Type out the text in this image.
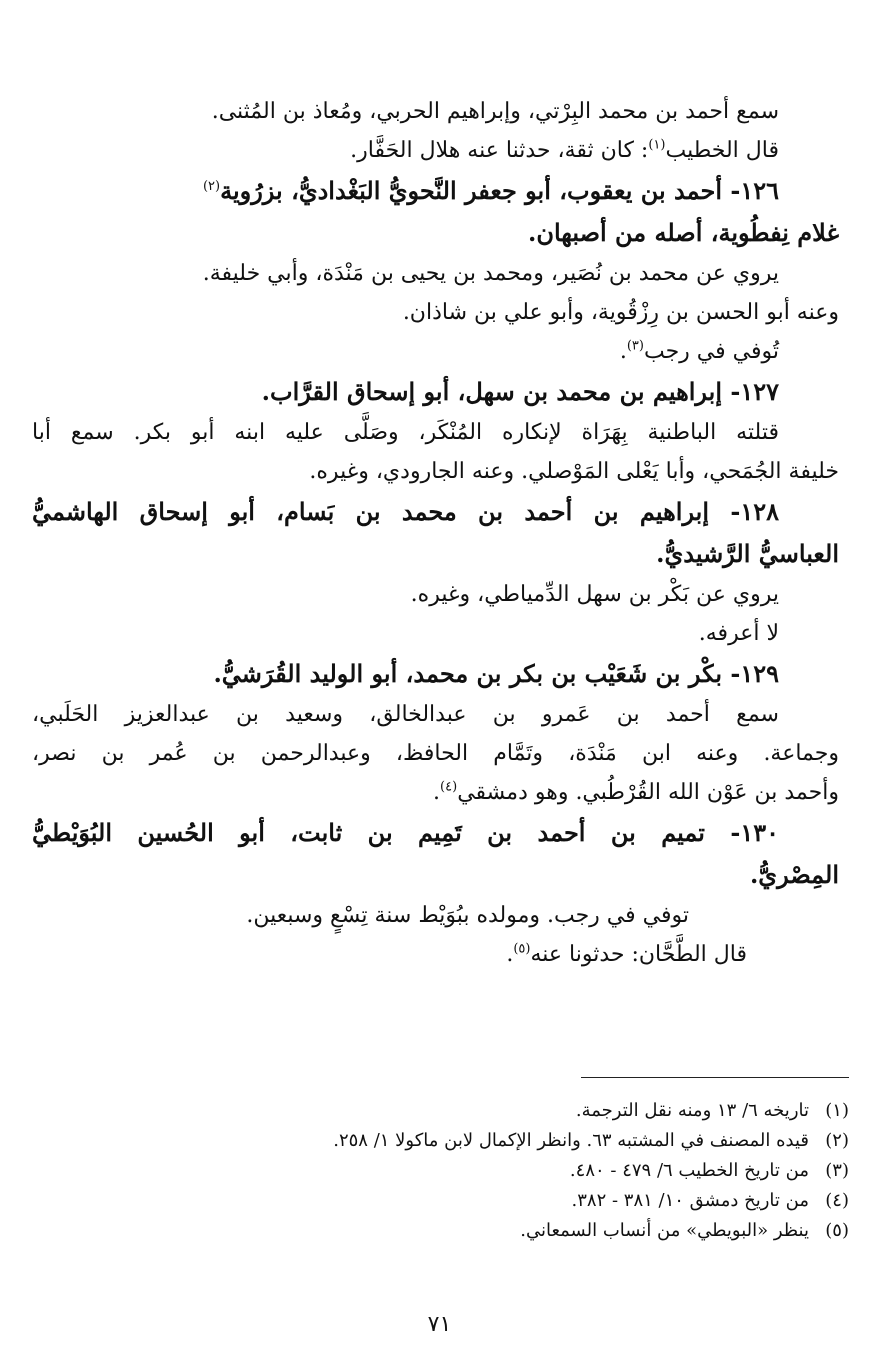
سمع أحمد بن محمد البِرْتي، وإبراهيم الحربي، ومُعاذ بن المُثنى.
قال الخطيب$^{(١)}$: كان ثقة، حدثنا عنه هلال الحَفَّار.
١٢٦- أحمد بن يعقوب، أبو جعفر النَّحويُّ البَغْداديُّ، بزرُوية$^{(٢)}$
غلام نِفطُوية، أصله من أصبهان.
يروي عن محمد بن نُصَير، ومحمد بن يحيى بن مَنْدَة، وأبي خليفة.
وعنه أبو الحسن بن رِزْقُوية، وأبو علي بن شاذان.
تُوفي في رجب$^{(٣)}$.
١٢٧- إبراهيم بن محمد بن سهل، أبو إسحاق القرَّاب.
قتلته الباطنية بِهَرَاة لإنكاره المُنْكَر، وصَلَّى عليه ابنه أبو بكر. سمع أبا
خليفة الجُمَحي، وأبا يَعْلى المَوْصلي. وعنه الجارودي، وغيره.
١٢٨- إبراهيم بن أحمد بن محمد بن بَسام، أبو إسحاق الهاشميُّ
العباسيُّ الرَّشيديُّ.
يروي عن بَكْر بن سهل الدِّمياطي، وغيره.
لا أعرفه.
١٢٩- بكْر بن شَعَيْب بن بكر بن محمد، أبو الوليد القُرَشيُّ.
سمع أحمد بن عَمرو بن عبدالخالق، وسعيد بن عبدالعزيز الحَلَبي،
وجماعة. وعنه ابن مَنْدَة، وتَمَّام الحافظ، وعبدالرحمن بن عُمر بن نصر،
وأحمد بن عَوْن الله القُرْطُبي. وهو دمشقي$^{(٤)}$.
١٣٠- تميم بن أحمد بن تَمِيم بن ثابت، أبو الحُسين البُوَيْطيُّ
المِصْريُّ.
توفي في رجب. ومولده ببُوَيْط سنة تِسْعٍ وسبعين.
قال الطَّحَّان: حدثونا عنه$^{(٥)}$.
(١)تاريخه ٦/ ١٣ ومنه نقل الترجمة.
(٢)قيده المصنف في المشتبه ٦٣. وانظر الإكمال لابن ماكولا ١/ ٢٥٨.
(٣)من تاريخ الخطيب ٦/ ٤٧٩ - ٤٨٠.
(٤)من تاريخ دمشق ١٠/ ٣٨١ - ٣٨٢.
(٥)ينظر «البويطي» من أنساب السمعاني.
٧١
